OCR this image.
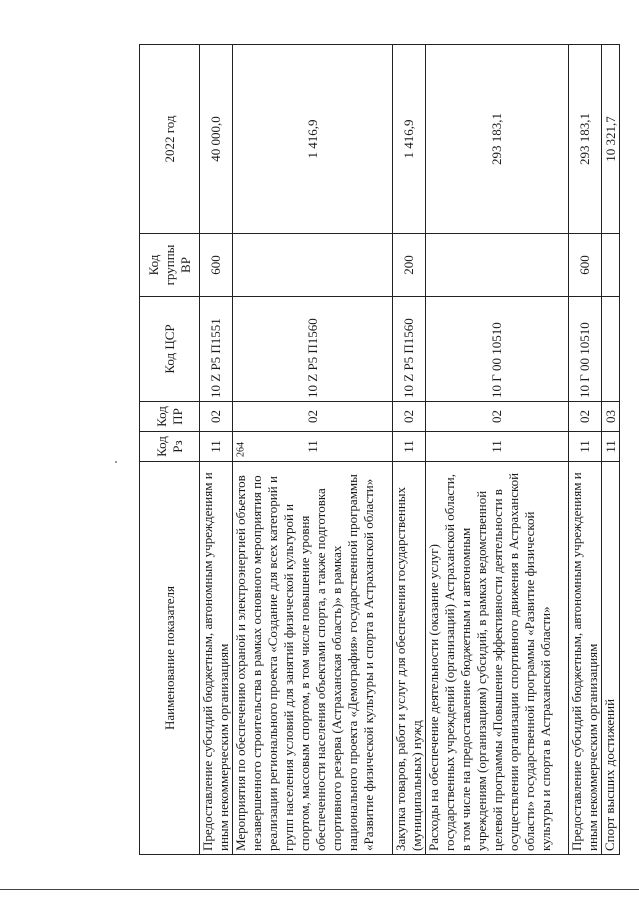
264
Наименование показателя	Код Рз	Код ПР	Код ЦСР	Код группы ВР	2022 год
Предоставление субсидий бюджетным, автономным учреждениям и иным некоммерческим организациям	11	02	10 Z P5 П1551	600	40 000,0
Мероприятия по обеспечению охраной и электроэнергией объектов незавершенного строительства в рамках основного мероприятия по реализации регионального проекта «Создание для всех категорий и групп населения условий для занятий физической культурой и спортом, массовым спортом, в том числе повышение уровня обеспеченности населения объектами спорта, а также подготовка спортивного резерва (Астраханская область)» в рамках национального проекта «Демография» государственной программы «Развитие физической культуры и спорта в Астраханской области»	11	02	10 Z P5 П1560		1 416,9
Закупка товаров, работ и услуг для обеспечения государственных (муниципальных) нужд	11	02	10 Z P5 П1560	200	1 416,9
Расходы на обеспечение деятельности (оказание услуг) государственных учреждений (организаций) Астраханской области, в том числе на предоставление бюджетным и автономным учреждениям (организациям) субсидий, в рамках ведомственной целевой программы «Повышение эффективности деятельности в осуществлении организации спортивного движения в Астраханской области» государственной программы «Развитие физической культуры и спорта в Астраханской области»	11	02	10 Г 00 10510		293 183,1
Предоставление субсидий бюджетным, автономным учреждениям и иным некоммерческим организациям	11	02	10 Г 00 10510	600	293 183,1
Спорт высших достижений	11	03			10 321,7
